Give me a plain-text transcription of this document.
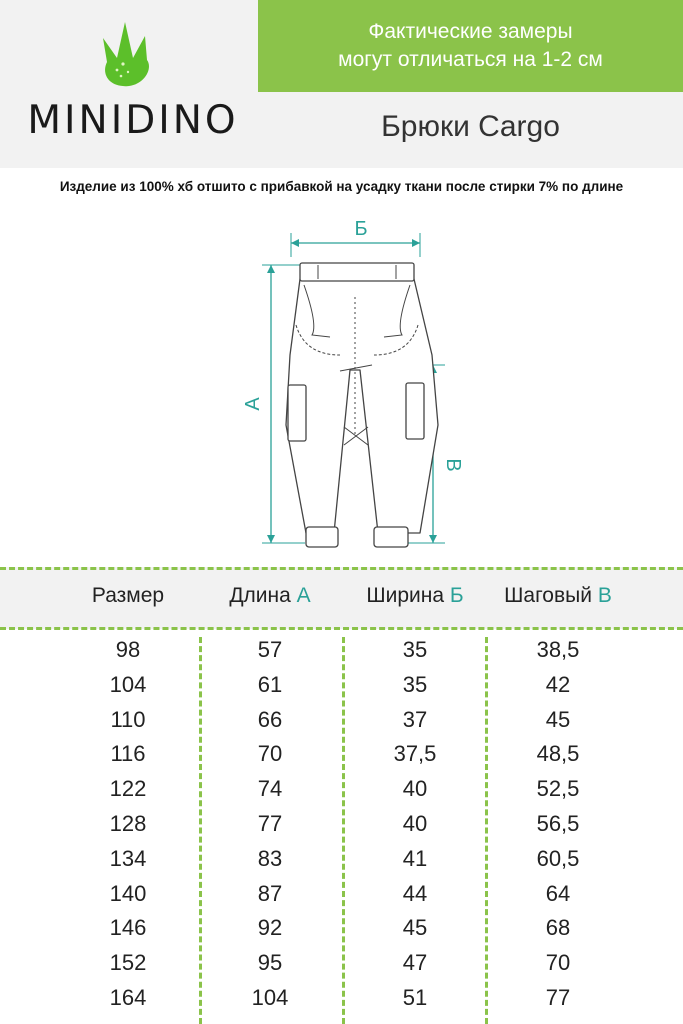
MINIDINO
Фактические замеры
могут отличаться на 1-2 см
Брюки Cargo
Изделие из 100% хб отшито с прибавкой на усадку ткани после стирки 7% по длине
Б
А
В
Размер	Длина А	Ширина Б	Шаговый В
98	57	35	38,5
104	61	35	42
110	66	37	45
116	70	37,5	48,5
122	74	40	52,5
128	77	40	56,5
134	83	41	60,5
140	87	44	64
146	92	45	68
152	95	47	70
164	104	51	77
